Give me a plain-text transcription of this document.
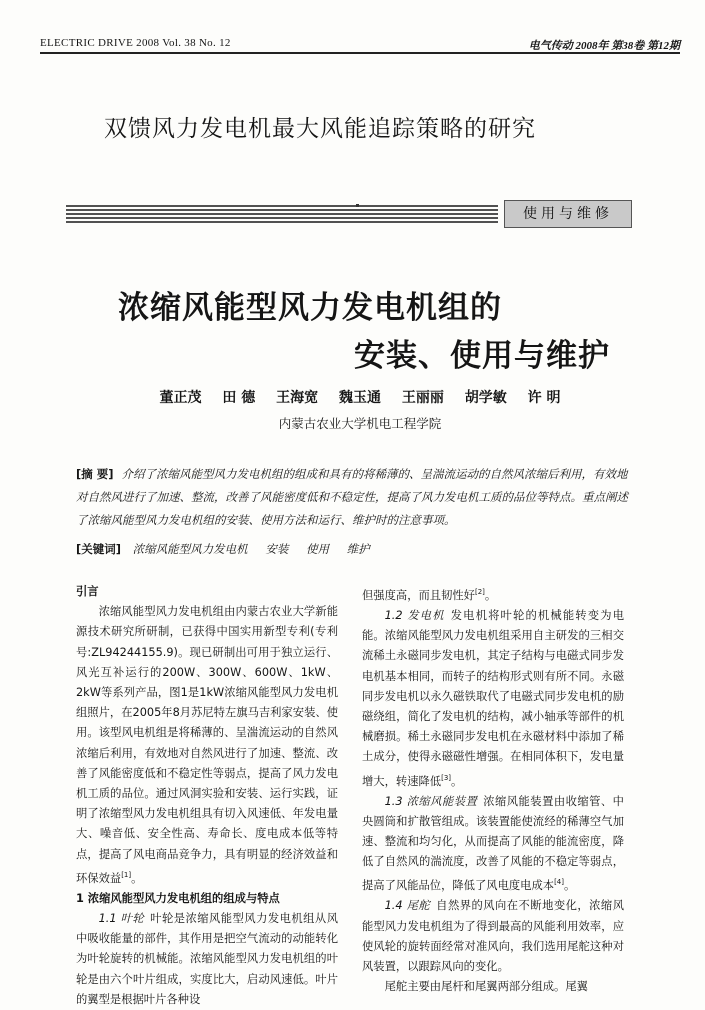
ELECTRIC DRIVE 2008 Vol. 38 No. 12	电气传动 2008年 第38卷 第12期
双馈风力发电机最大风能追踪策略的研究
使用与维修
浓缩风能型风力发电机组的
安装、使用与维护
董正茂 田 德 王海宽 魏玉通 王丽丽 胡学敏 许 明
内蒙古农业大学机电工程学院
[摘 要] 介绍了浓缩风能型风力发电机组的组成和具有的将稀薄的、呈湍流运动的自然风浓缩后利用，有效地对自然风进行了加速、整流，改善了风能密度低和不稳定性，提高了风力发电机工质的品位等特点。重点阐述了浓缩风能型风力发电机组的安装、使用方法和运行、维护时的注意事项。
[关键词] 浓缩风能型风力发电机 安装 使用 维护

引言

浓缩风能型风力发电机组由内蒙古农业大学新能源技术研究所研制，已获得中国实用新型专利(专利号:ZL94244155.9)。现已研制出可用于独立运行、风光互补运行的200W、300W、600W、1kW、2kW等系列产品，图1是1kW浓缩风能型风力发电机组照片，在2005年8月苏尼特左旗马吉利家安装、使用。该型风电机组是将稀薄的、呈湍流运动的自然风浓缩后利用，有效地对自然风进行了加速、整流、改善了风能密度低和不稳定性等弱点，提高了风力发电机工质的品位。通过风洞实验和安装、运行实践，证明了浓缩型风力发电机组具有切入风速低、年发电量大、噪音低、安全性高、寿命长、度电成本低等特点，提高了风电商品竞争力，具有明显的经济效益和环保效益[1]。

1 浓缩风能型风力发电机组的组成与特点

1.1 叶轮 叶轮是浓缩风能型风力发电机组从风中吸收能量的部件，其作用是把空气流动的动能转化为叶轮旋转的机械能。浓缩风能型风力发电机组的叶轮是由六个叶片组成，实度比大，启动风速低。叶片的翼型是根据叶片各种设

但强度高，而且韧性好[2]。

1.2 发电机 发电机将叶轮的机械能转变为电能。浓缩风能型风力发电机组采用自主研发的三相交流稀土永磁同步发电机，其定子结构与电磁式同步发电机基本相同，而转子的结构形式则有所不同。永磁同步发电机以永久磁铁取代了电磁式同步发电机的励磁绕组，简化了发电机的结构，减小轴承等部件的机械磨损。稀土永磁同步发电机在永磁材料中添加了稀土成分，使得永磁磁性增强。在相同体积下，发电量增大，转速降低[3]。

1.3 浓缩风能装置 浓缩风能装置由收缩管、中央圆筒和扩散管组成。该装置能使流经的稀薄空气加速、整流和均匀化，从而提高了风能的能流密度，降低了自然风的湍流度，改善了风能的不稳定等弱点，提高了风能品位，降低了风电度电成本[4]。

1.4 尾舵 自然界的风向在不断地变化，浓缩风能型风力发电机组为了得到最高的风能利用效率，应使风轮的旋转面经常对准风向，我们选用尾舵这种对风装置，以跟踪风向的变化。

尾舵主要由尾杆和尾翼两部分组成。尾翼
